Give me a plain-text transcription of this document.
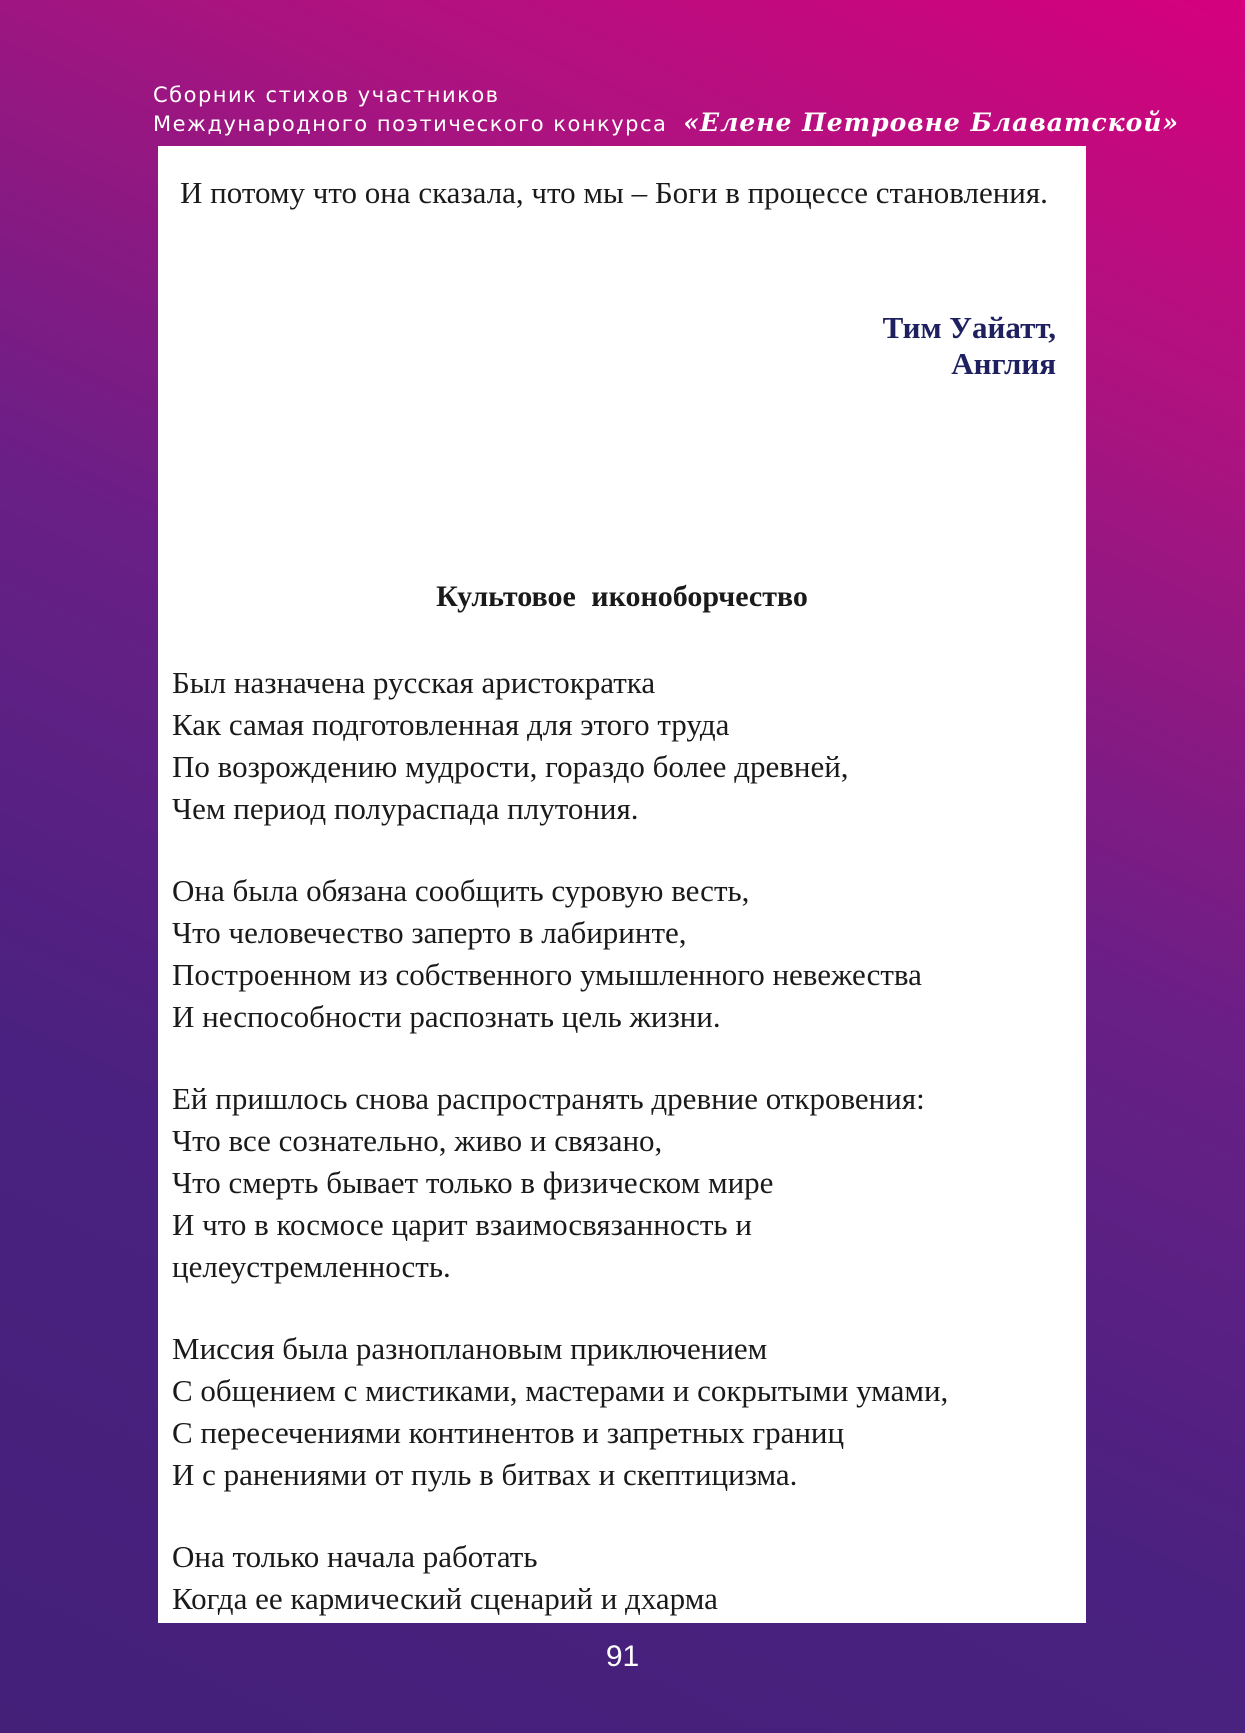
Сборник стихов участников
Международного поэтического конкурса «Елене Петровне Блаватской»
И потому что она сказала, что мы – Боги в процессе становления.
Тим Уайатт,
Англия
Культовое иконоборчество
Был назначена русская аристократка
Как самая подготовленная для этого труда
По возрождению мудрости, гораздо более древней,
Чем период полураспада плутония.
Она была обязана сообщить суровую весть,
Что человечество заперто в лабиринте,
Построенном из собственного умышленного невежества
И неспособности распознать цель жизни.
Ей пришлось снова распространять древние откровения:
Что все сознательно, живо и связано,
Что смерть бывает только в физическом мире
И что в космосе царит взаимосвязанность и
целеустремленность.
Миссия была разноплановым приключением
С общением с мистиками, мастерами и сокрытыми умами,
С пересечениями континентов и запретных границ
И с ранениями от пуль в битвах и скептицизма.
Она только начала работать
Когда ее кармический сценарий и дхарма
91
